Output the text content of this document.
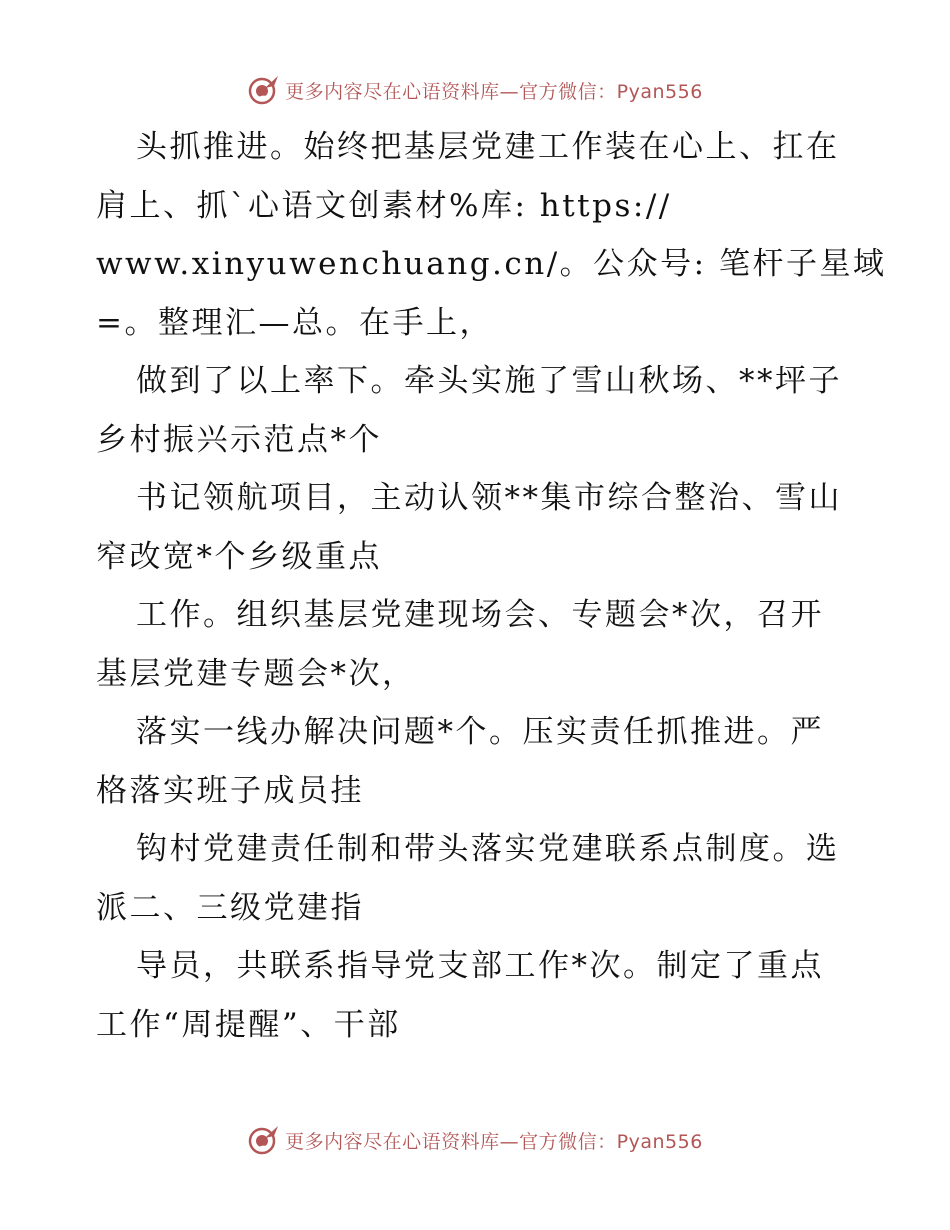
更多内容尽在心语资料库—官方微信：Pyan556
头抓推进。始终把基层党建工作装在心上、扛在
肩上、抓`心语文创素材%库: https://
www.xinyuwenchuang.cn/。公众号: 笔杆子星域
=。整理汇—总。在手上，
做到了以上率下。牵头实施了雪山秋场、**坪子
乡村振兴示范点*个
书记领航项目，主动认领**集市综合整治、雪山
窄改宽*个乡级重点
工作。组织基层党建现场会、专题会*次，召开
基层党建专题会*次，
落实一线办解决问题*个。压实责任抓推进。严
格落实班子成员挂
钩村党建责任制和带头落实党建联系点制度。选
派二、三级党建指
导员，共联系指导党支部工作*次。制定了重点
工作“周提醒”、干部
更多内容尽在心语资料库—官方微信：Pyan556
